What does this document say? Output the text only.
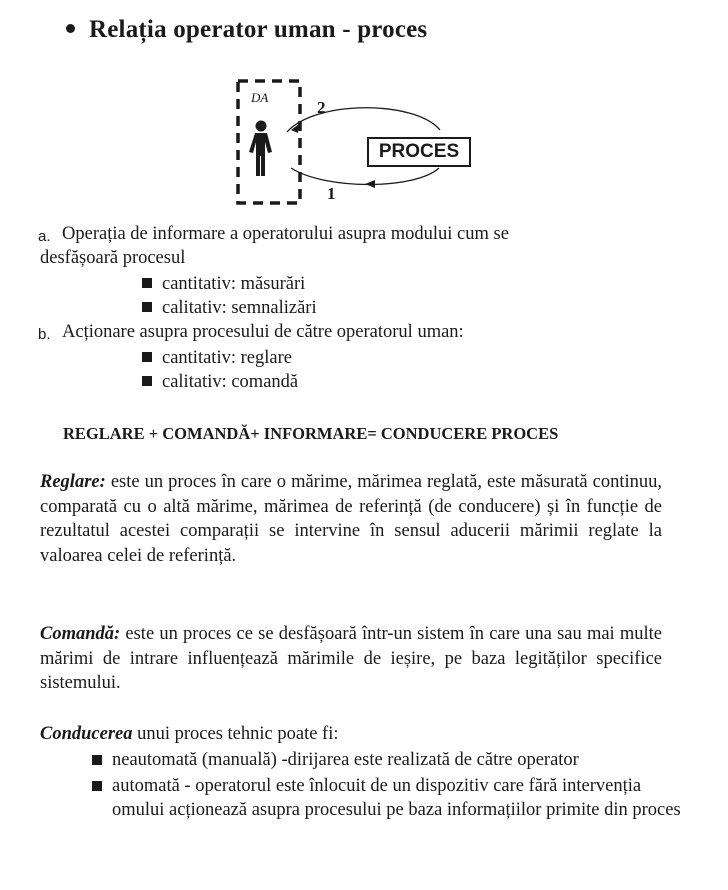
Relația operator uman - proces
DA
2
1
PROCES
a. Operația de informare a operatorului asupra modului cum se
desfășoară procesul
cantitativ: măsurări
calitativ: semnalizări
b. Acționare asupra procesului de către operatorul uman:
cantitativ: reglare
calitativ: comandă
REGLARE + COMANDĂ+ INFORMARE= CONDUCERE PROCES
Reglare: este un proces în care o mărime, mărimea reglată, este măsurată continuu, comparată cu o altă mărime, mărimea de referință (de conducere) și în funcție de rezultatul acestei comparații se intervine în sensul aducerii mărimii reglate la valoarea celei de referință.
Comandă: este un proces ce se desfășoară într-un sistem în care una sau mai multe mărimi de intrare influențează mărimile de ieșire, pe baza legităților specifice sistemului.
Conducerea unui proces tehnic poate fi:
neautomată (manuală) -dirijarea este realizată de către operator
automată - operatorul este înlocuit de un dispozitiv care fără intervenția omului acționează asupra procesului pe baza informațiilor primite din proces
